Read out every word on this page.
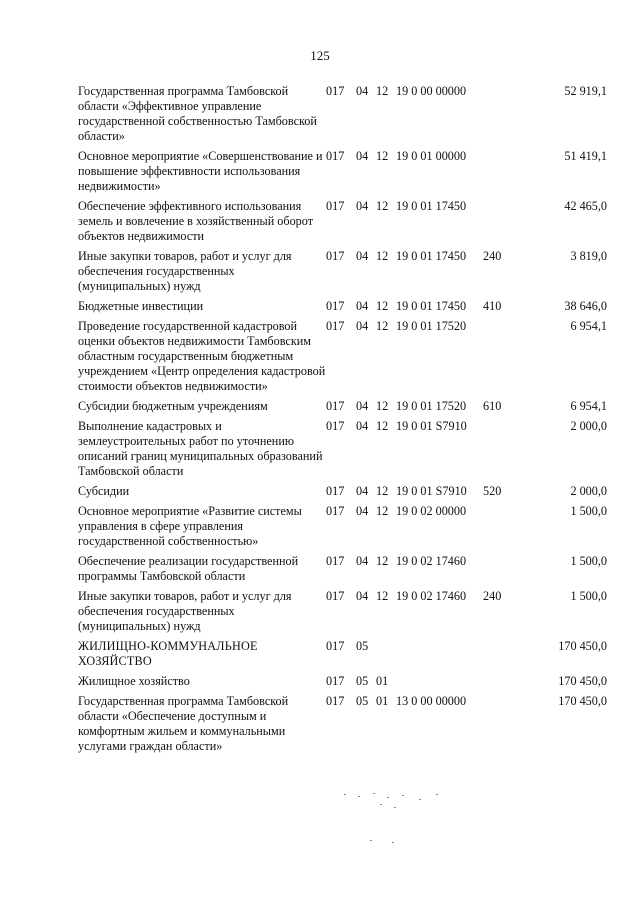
125
Государственная программа Тамбовской области «Эффективное управление государственной собственностью Тамбовской области»	017	04	12	19 0 00 00000		52 919,1
Основное мероприятие «Совершенствование и повышение эффективности использования недвижимости»	017	04	12	19 0 01 00000		51 419,1
Обеспечение эффективного использования земель и вовлечение в хозяйственный оборот объектов недвижимости	017	04	12	19 0 01 17450		42 465,0
Иные закупки товаров, работ и услуг для обеспечения государственных (муниципальных) нужд	017	04	12	19 0 01 17450	240	3 819,0
Бюджетные инвестиции	017	04	12	19 0 01 17450	410	38 646,0
Проведение государственной кадастровой оценки объектов недвижимости Тамбовским областным государственным бюджетным учреждением «Центр определения кадастровой стоимости объектов недвижимости»	017	04	12	19 0 01 17520		6 954,1
Субсидии бюджетным учреждениям	017	04	12	19 0 01 17520	610	6 954,1
Выполнение кадастровых и землеустроительных работ по уточнению описаний границ муниципальных образований Тамбовской области	017	04	12	19 0 01 S7910		2 000,0
Субсидии	017	04	12	19 0 01 S7910	520	2 000,0
Основное мероприятие «Развитие системы управления в сфере управления государственной собственностью»	017	04	12	19 0 02 00000		1 500,0
Обеспечение реализации государственной программы Тамбовской области	017	04	12	19 0 02 17460		1 500,0
Иные закупки товаров, работ и услуг для обеспечения государственных (муниципальных) нужд	017	04	12	19 0 02 17460	240	1 500,0
ЖИЛИЩНО-КОММУНАЛЬНОЕ ХОЗЯЙСТВО	017	05				170 450,0
Жилищное хозяйство	017	05	01			170 450,0
Государственная программа Тамбовской области «Обеспечение доступным и комфортным жильем и коммунальными услугами граждан области»	017	05	01	13 0 00 00000		170 450,0
